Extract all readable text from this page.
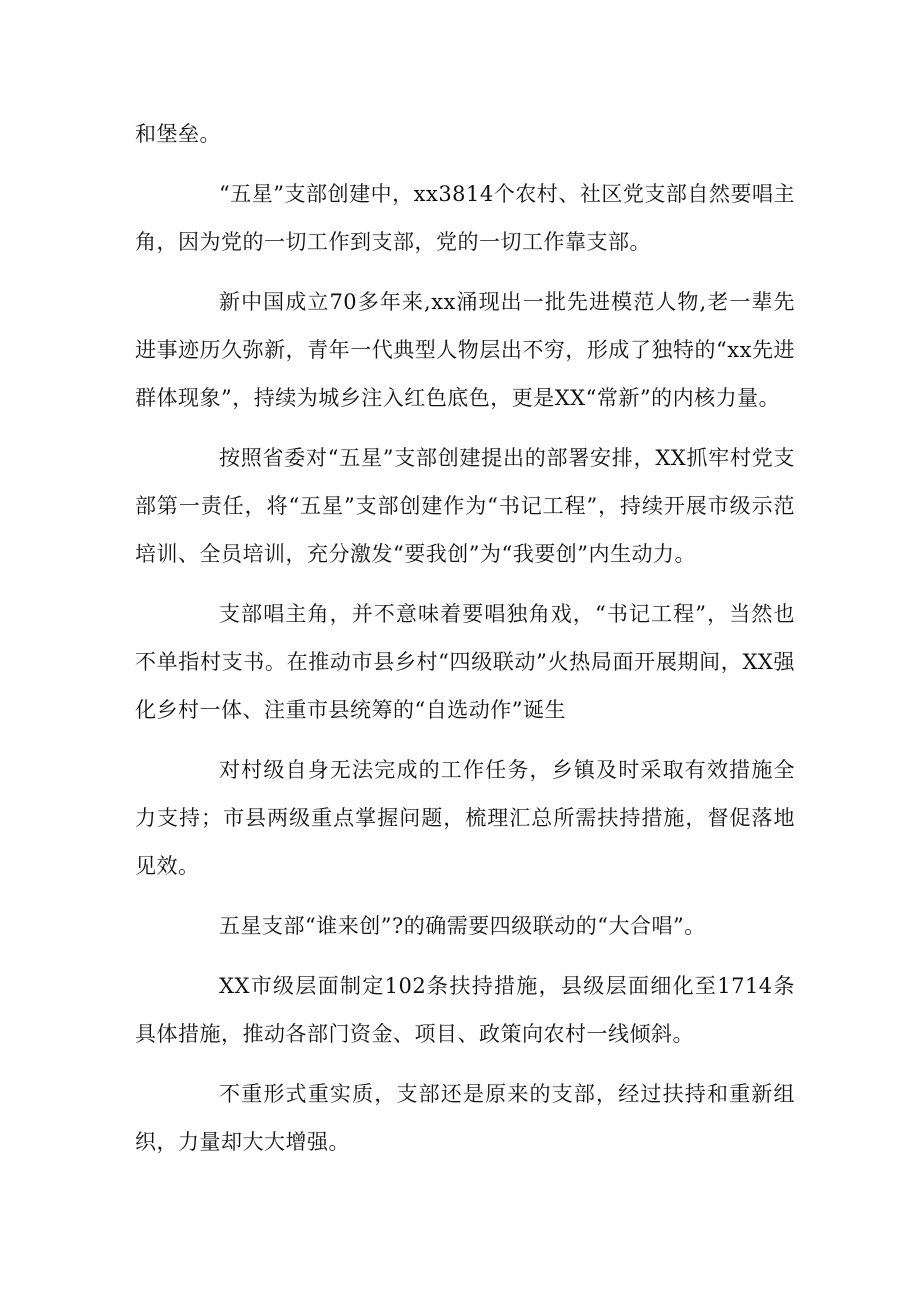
和堡垒。

“五星”支部创建中，xx3814个农村、社区党支部自然要唱主角，因为党的一切工作到支部，党的一切工作靠支部。

新中国成立70多年来,xx涌现出一批先进模范人物,老一辈先进事迹历久弥新，青年一代典型人物层出不穷，形成了独特的“xx先进群体现象”，持续为城乡注入红色底色，更是XX“常新”的内核力量。

按照省委对“五星”支部创建提出的部署安排，XX抓牢村党支部第一责任，将“五星”支部创建作为“书记工程”，持续开展市级示范培训、全员培训，充分激发“要我创”为“我要创”内生动力。

支部唱主角，并不意味着要唱独角戏，“书记工程”，当然也不单指村支书。在推动市县乡村“四级联动”火热局面开展期间，XX强化乡村一体、注重市县统筹的“自选动作”诞生

对村级自身无法完成的工作任务，乡镇及时采取有效措施全力支持；市县两级重点掌握问题，梳理汇总所需扶持措施，督促落地见效。

五星支部“谁来创”?的确需要四级联动的“大合唱”。

XX市级层面制定102条扶持措施，县级层面细化至1714条具体措施，推动各部门资金、项目、政策向农村一线倾斜。

不重形式重实质，支部还是原来的支部，经过扶持和重新组织，力量却大大增强。
